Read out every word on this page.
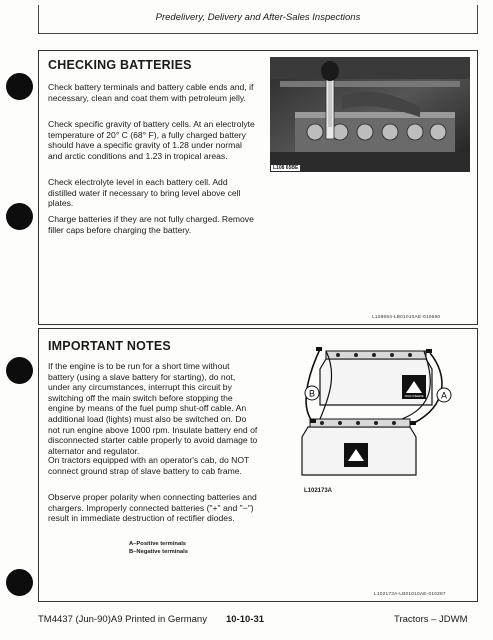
Predelivery, Delivery and After-Sales Inspections
CHECKING BATTERIES

Check battery terminals and battery cable ends and, if necessary, clean and coat them with petroleum jelly.

Check specific gravity of battery cells. At an electrolyte temperature of 20° C (68° F), a fully charged battery should have a specific gravity of 1.28 under normal and arctic conditions and 1.23 in tropical areas.

Check electrolyte level in each battery cell. Add distilled water if necessary to bring level above cell plates.

Charge batteries if they are not fully charged. Remove filler caps before charging the battery.

L108 65BE
L108654-LB01010AE-010690
IMPORTANT NOTES

If the engine is to be run for a short time without battery (using a slave battery for starting), do not, under any circumstances, interrupt this circuit by switching off the main switch before stopping the engine by means of the fuel pump shut-off cable. An additional load (lights) must also be switched on. Do not run engine above 1000 rpm. Insulate battery end of disconnected starter cable properly to avoid damage to alternator and regulator.

On tractors equipped with an operator's cab, do NOT connect ground strap of slave battery to cab frame.

Observe proper polarity when connecting batteries and chargers. Improperly connected batteries ("+" and "−") result in immediate destruction of rectifier diodes.

A–Positive terminals
B–Negative terminals
JOHN DEERE
B	A
L102173A
L102173A-LB01010AE-010287
TM4437 (Jun-90)A9 Printed in Germany 10-10-31	Tractors – JDWM
